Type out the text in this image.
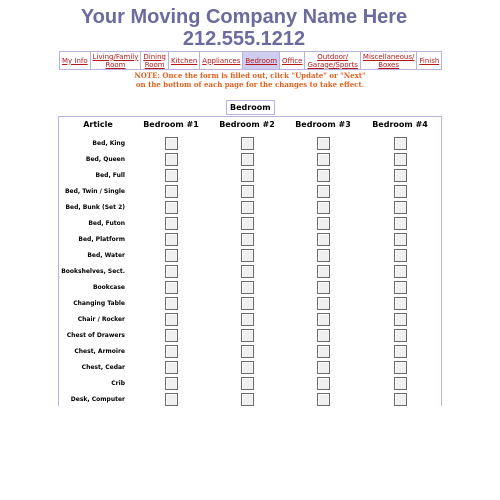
Your Moving Company Name Here
212.555.1212
My Info	Living/Family
Room	Dining
Room	Kitchen	Appliances	Bedroom	Office	Outdoor/
Garage/Sports	Miscellaneous/
Boxes	Finish
NOTE: Once the form is filled out, click "Update" or "Next"
on the bottom of each page for the changes to take effect.
Bedroom
Article	Bedroom #1	Bedroom #2	Bedroom #3	Bedroom #4
Bed, King
Bed, Queen
Bed, Full
Bed, Twin / Single
Bed, Bunk (Set 2)
Bed, Futon
Bed, Platform
Bed, Water
Bookshelves, Sect.
Bookcase
Changing Table
Chair / Rocker
Chest of Drawers
Chest, Armoire
Chest, Cedar
Crib
Desk, Computer
